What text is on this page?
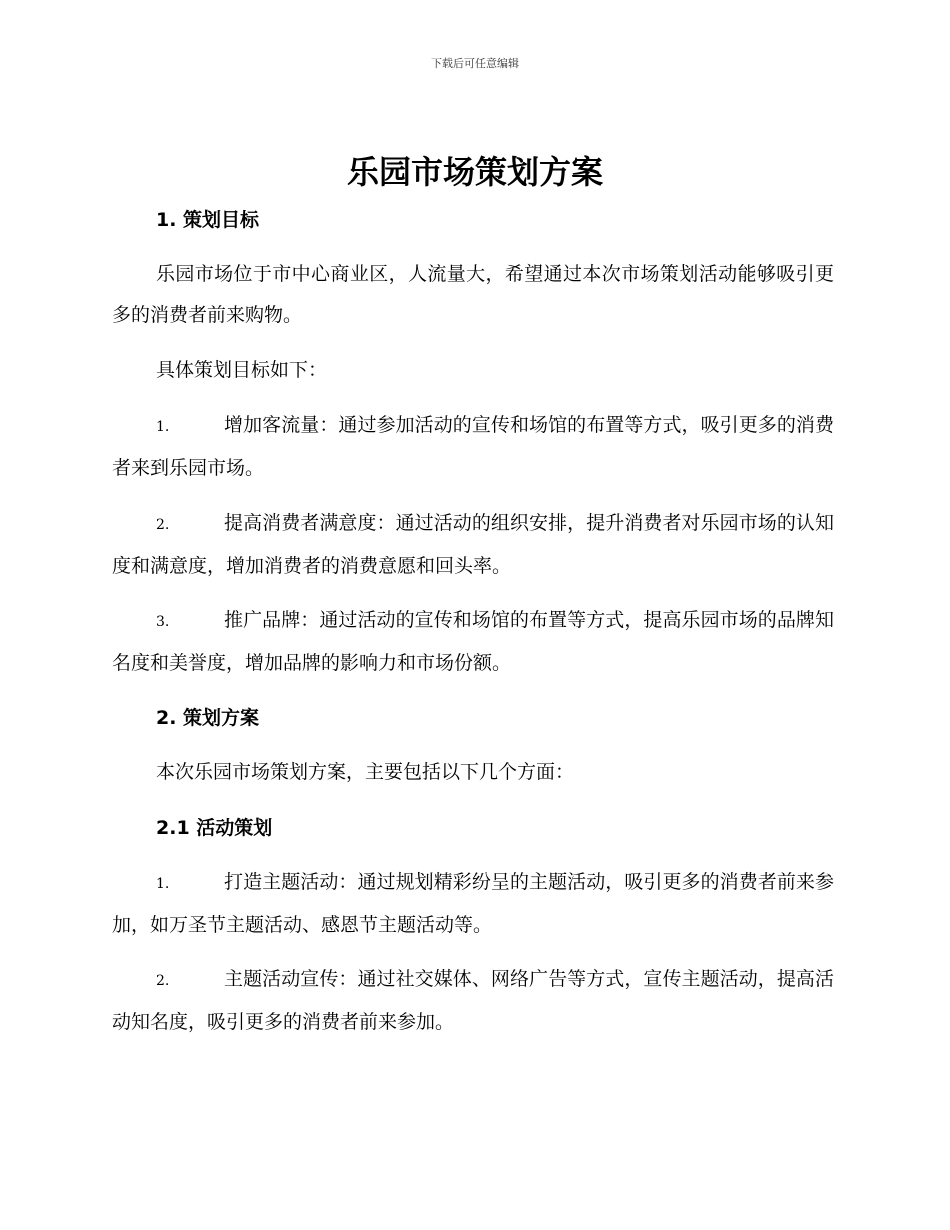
下载后可任意编辑
乐园市场策划方案
1. 策划目标
乐园市场位于市中心商业区，人流量大，希望通过本次市场策划活动能够吸引更多的消费者前来购物。
具体策划目标如下：
1.	增加客流量：通过参加活动的宣传和场馆的布置等方式，吸引更多的消费者来到乐园市场。
2.	提高消费者满意度：通过活动的组织安排，提升消费者对乐园市场的认知度和满意度，增加消费者的消费意愿和回头率。
3.	推广品牌：通过活动的宣传和场馆的布置等方式，提高乐园市场的品牌知名度和美誉度，增加品牌的影响力和市场份额。
2. 策划方案
本次乐园市场策划方案，主要包括以下几个方面：
2.1 活动策划
1.	打造主题活动：通过规划精彩纷呈的主题活动，吸引更多的消费者前来参加，如万圣节主题活动、感恩节主题活动等。
2.	主题活动宣传：通过社交媒体、网络广告等方式，宣传主题活动，提高活动知名度，吸引更多的消费者前来参加。
